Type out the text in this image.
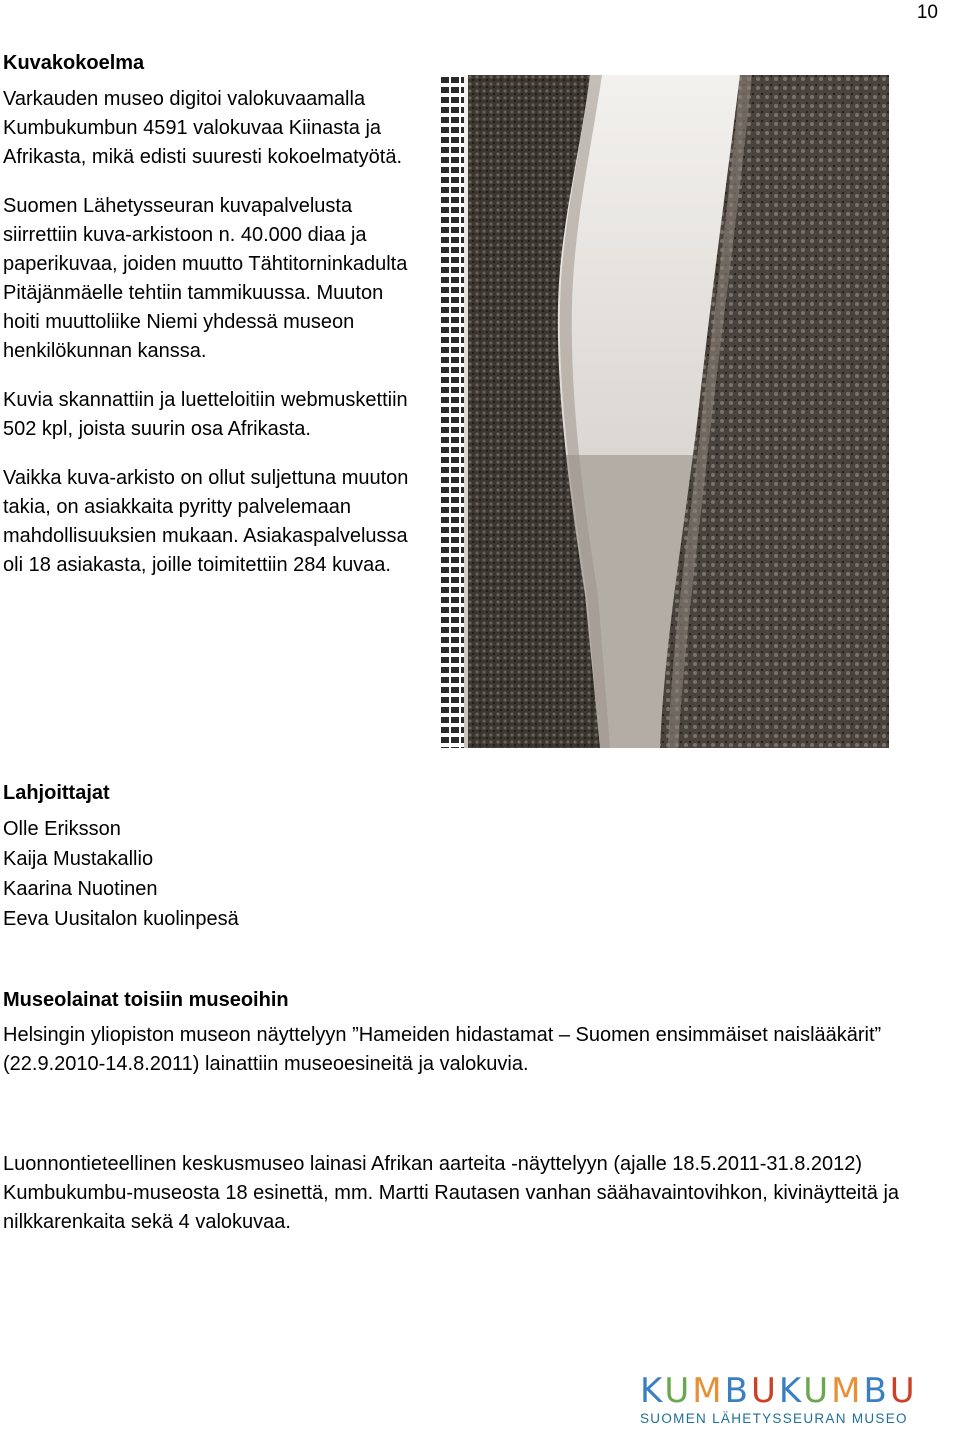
10
Kuvakokoelma

Varkauden museo digitoi valokuvaamalla Kumbukumbun 4591 valokuvaa Kiinasta ja Afrikasta, mikä edisti suuresti kokoelmatyötä.

Suomen Lähetysseuran kuvapalvelusta siirrettiin kuva-arkistoon n. 40.000 diaa ja paperikuvaa, joiden muutto Tähtitorninkadulta Pitäjänmäelle tehtiin tammikuussa. Muuton hoiti muuttoliike Niemi yhdessä museon henkilökunnan kanssa.

Kuvia skannattiin ja luetteloitiin webmuskettiin 502 kpl, joista suurin osa Afrikasta.

Vaikka kuva-arkisto on ollut suljettuna muuton takia, on asiakkaita pyritty palvelemaan mahdollisuuksien mukaan. Asiakaspalvelussa oli 18 asiakasta, joille toimitettiin 284 kuvaa.

Lahjoittajat
Olle Eriksson
Kaija Mustakallio
Kaarina Nuotinen
Eeva Uusitalon kuolinpesä
Museolainat toisiin museoihin
Helsingin yliopiston museon näyttelyyn ”Hameiden hidastamat – Suomen ensimmäiset naislääkärit” (22.9.2010-14.8.2011) lainattiin museoesineitä ja valokuvia.
Luonnontieteellinen keskusmuseo lainasi Afrikan aarteita -näyttelyyn (ajalle 18.5.2011-31.8.2012) Kumbukumbu-museosta 18 esinettä, mm. Martti Rautasen vanhan säähavaintovihkon, kivinäytteitä ja nilkkarenkaita sekä 4 valokuvaa.
KUMBUKUMBU
SUOMEN LÄHETYSSEURAN MUSEO
